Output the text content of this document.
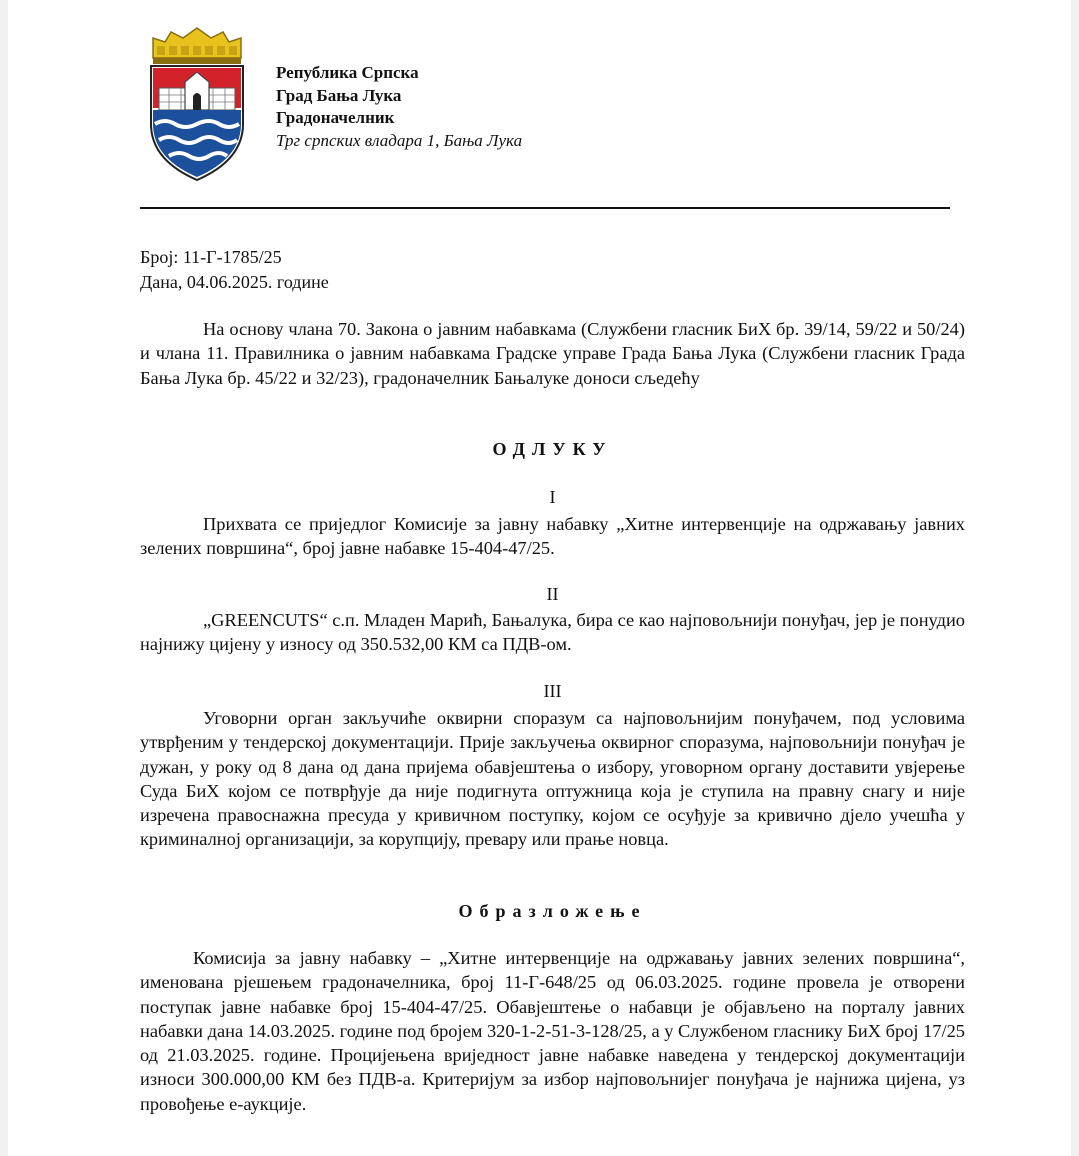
Република Српска
Град Бања Лука
Градоначелник
Трг српских владара 1, Бања Лука
Број: 11-Г-1785/25
Дана, 04.06.2025. године
На основу члана 70. Закона о јавним набавкама (Службени гласник БиХ бр. 39/14, 59/22 и 50/24) и члана 11. Правилника о јавним набавкама Градске управе Града Бања Лука (Службени гласник Града Бања Лука бр. 45/22 и 32/23), градоначелник Бањалуке доноси сљедећу
ОДЛУКУ
I
Прихвата се приједлог Комисије за јавну набавку „Хитне интервенције на одржавању јавних зелених површина“, број јавне набавке 15-404-47/25.
II
„GREENCUTS“ с.п. Младен Марић, Бањалука, бира се као најповољнији понуђач, јер је понудио најнижу цијену у износу од 350.532,00 КМ са ПДВ-ом.
III
Уговорни орган закључиће оквирни споразум са најповољнијим понуђачем, под условима утврђеним у тендерској документацији. Прије закључења оквирног споразума, најповољнији понуђач је дужан, у року од 8 дана од дана пријема обавјештења о избору, уговорном органу доставити увјерење Суда БиХ којом се потврђује да није подигнута оптужница која је ступила на правну снагу и није изречена правоснажна пресуда у кривичном поступку, којом се осуђује за кривично дјело учешћа у криминалној организацији, за корупцију, превару или прање новца.
Образложење
Комисија за јавну набавку – „Хитне интервенције на одржавању јавних зелених површина“, именована рјешењем градоначелника, број 11-Г-648/25 од 06.03.2025. године провела је отворени поступак јавне набавке број 15-404-47/25. Обавјештење о набавци је објављено на порталу јавних набавки дана 14.03.2025. године под бројем 320-1-2-51-3-128/25, а у Службеном гласнику БиХ број 17/25 од 21.03.2025. године. Процијењена вриједност јавне набавке наведена у тендерској документацији износи 300.000,00 КМ без ПДВ-а. Критеријум за избор најповољнијег понуђача је најнижа цијена, уз провођење е-аукције.
